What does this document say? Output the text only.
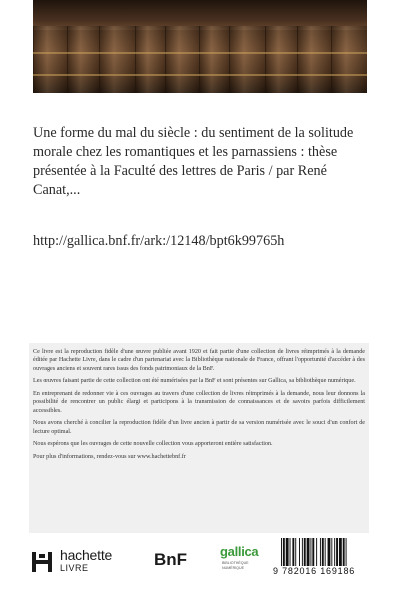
Une forme du mal du siècle : du sentiment de la solitude morale chez les romantiques et les parnassiens : thèse présentée à la Faculté des lettres de Paris / par René Canat,...
http://gallica.bnf.fr/ark:/12148/bpt6k99765h

Ce livre est la reproduction fidèle d'une œuvre publiée avant 1920 et fait partie d'une collection de livres réimprimés à la demande éditée par Hachette Livre, dans le cadre d'un partenariat avec la Bibliothèque nationale de France, offrant l'opportunité d'accéder à des ouvrages anciens et souvent rares issus des fonds patrimoniaux de la BnF.

Les œuvres faisant partie de cette collection ont été numérisées par la BnF et sont présentes sur Gallica, sa bibliothèque numérique.

En entreprenant de redonner vie à ces ouvrages au travers d'une collection de livres réimprimés à la demande, nous leur donnons la possibilité de rencontrer un public élargi et participons à la transmission de connaissances et de savoirs parfois difficilement accessibles.

Nous avons cherché à concilier la reproduction fidèle d'un livre ancien à partir de sa version numérisée avec le souci d'un confort de lecture optimal.

Nous espérons que les ouvrages de cette nouvelle collection vous apporteront entière satisfaction.

Pour plus d'informations, rendez-vous sur www.hachettebnf.fr

hachette
LIVRE	BnF	gallica
BIBLIOTHÈQUE
NUMÉRIQUE	9 782016 169186
